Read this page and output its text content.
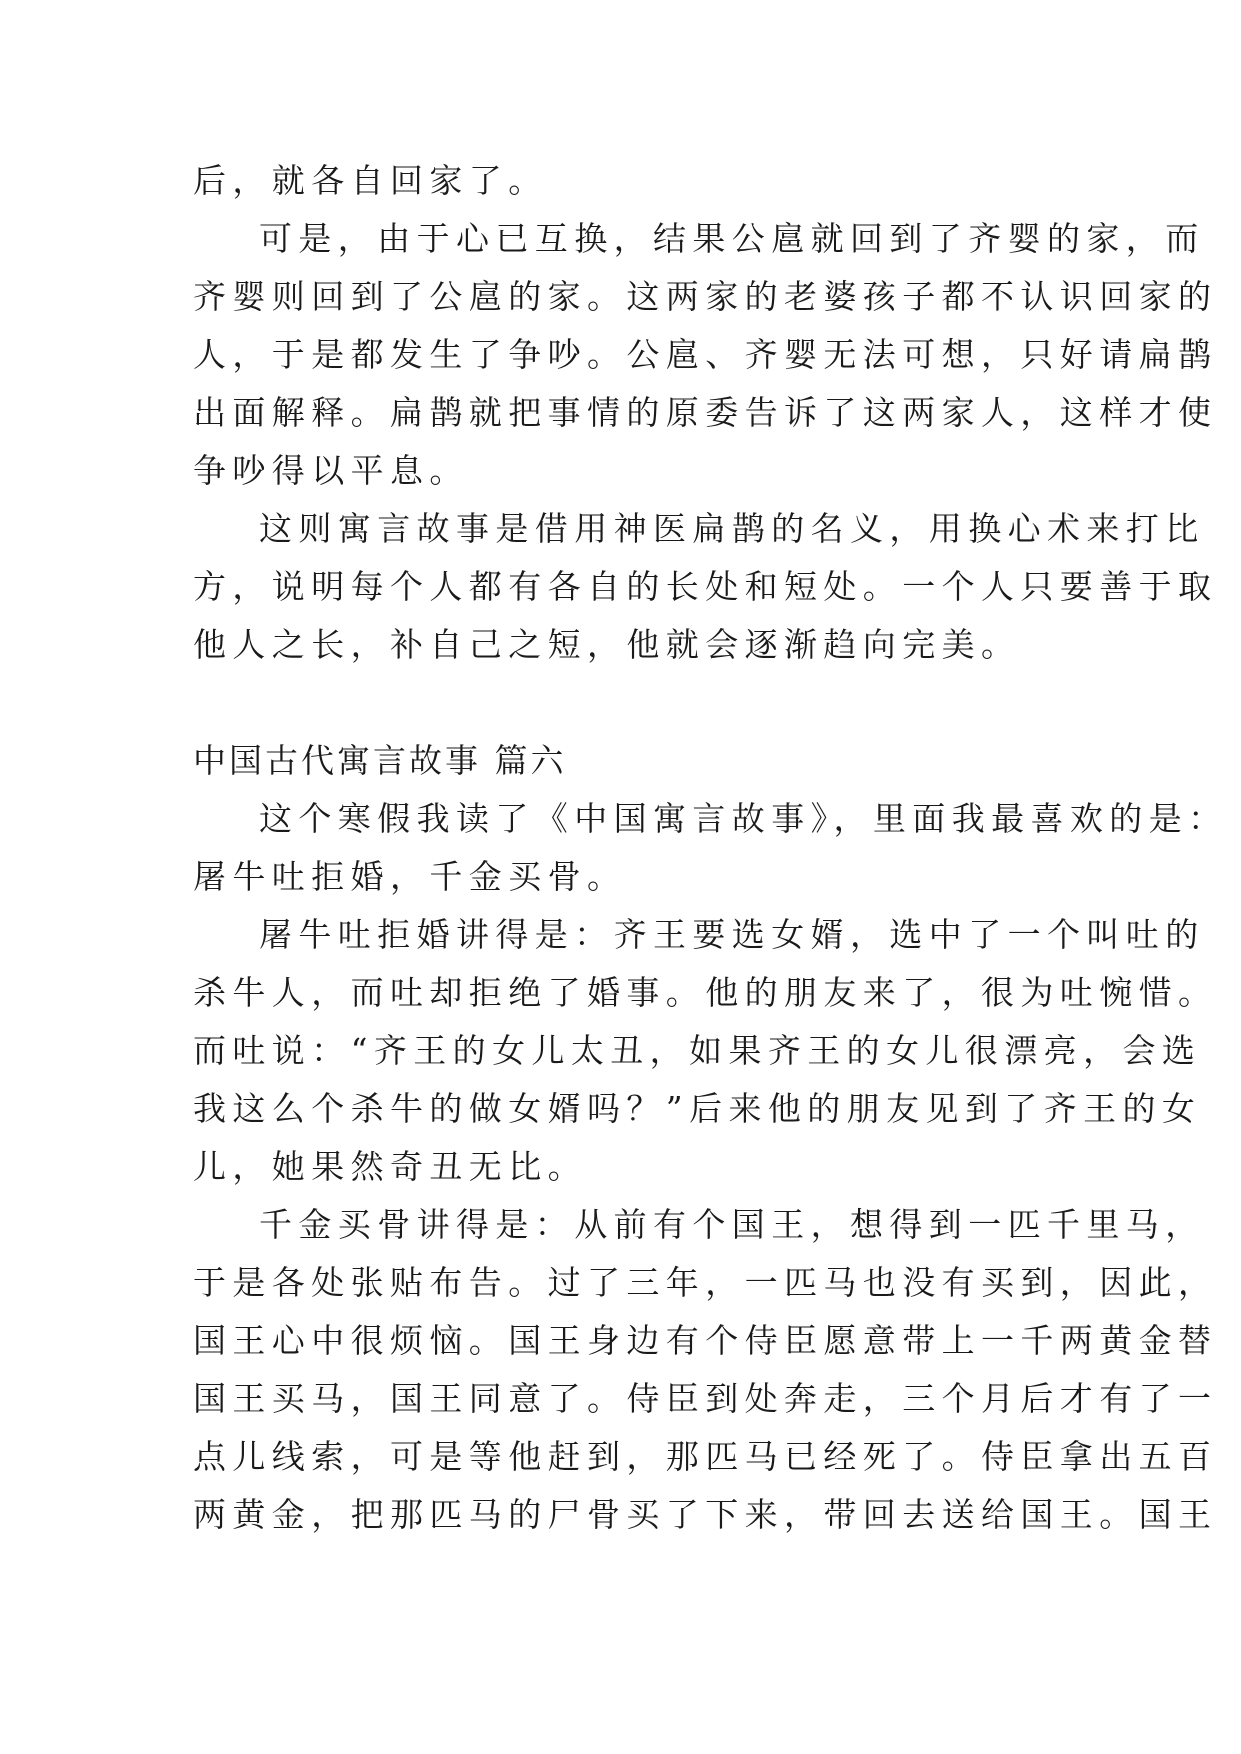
后，就各自回家了。
可是，由于心已互换，结果公扈就回到了齐婴的家，而
齐婴则回到了公扈的家。这两家的老婆孩子都不认识回家的
人，于是都发生了争吵。公扈、齐婴无法可想，只好请扁鹊
出面解释。扁鹊就把事情的原委告诉了这两家人，这样才使
争吵得以平息。
这则寓言故事是借用神医扁鹊的名义，用换心术来打比
方，说明每个人都有各自的长处和短处。一个人只要善于取
他人之长，补自己之短，他就会逐渐趋向完美。
中国古代寓言故事 篇六
这个寒假我读了《中国寓言故事》，里面我最喜欢的是：
屠牛吐拒婚，千金买骨。
屠牛吐拒婚讲得是：齐王要选女婿，选中了一个叫吐的
杀牛人，而吐却拒绝了婚事。他的朋友来了，很为吐惋惜。
而吐说：“齐王的女儿太丑，如果齐王的女儿很漂亮，会选
我这么个杀牛的做女婿吗？”后来他的朋友见到了齐王的女
儿，她果然奇丑无比。
千金买骨讲得是：从前有个国王，想得到一匹千里马，
于是各处张贴布告。过了三年，一匹马也没有买到，因此，
国王心中很烦恼。国王身边有个侍臣愿意带上一千两黄金替
国王买马，国王同意了。侍臣到处奔走，三个月后才有了一
点儿线索，可是等他赶到，那匹马已经死了。侍臣拿出五百
两黄金，把那匹马的尸骨买了下来，带回去送给国王。国王
